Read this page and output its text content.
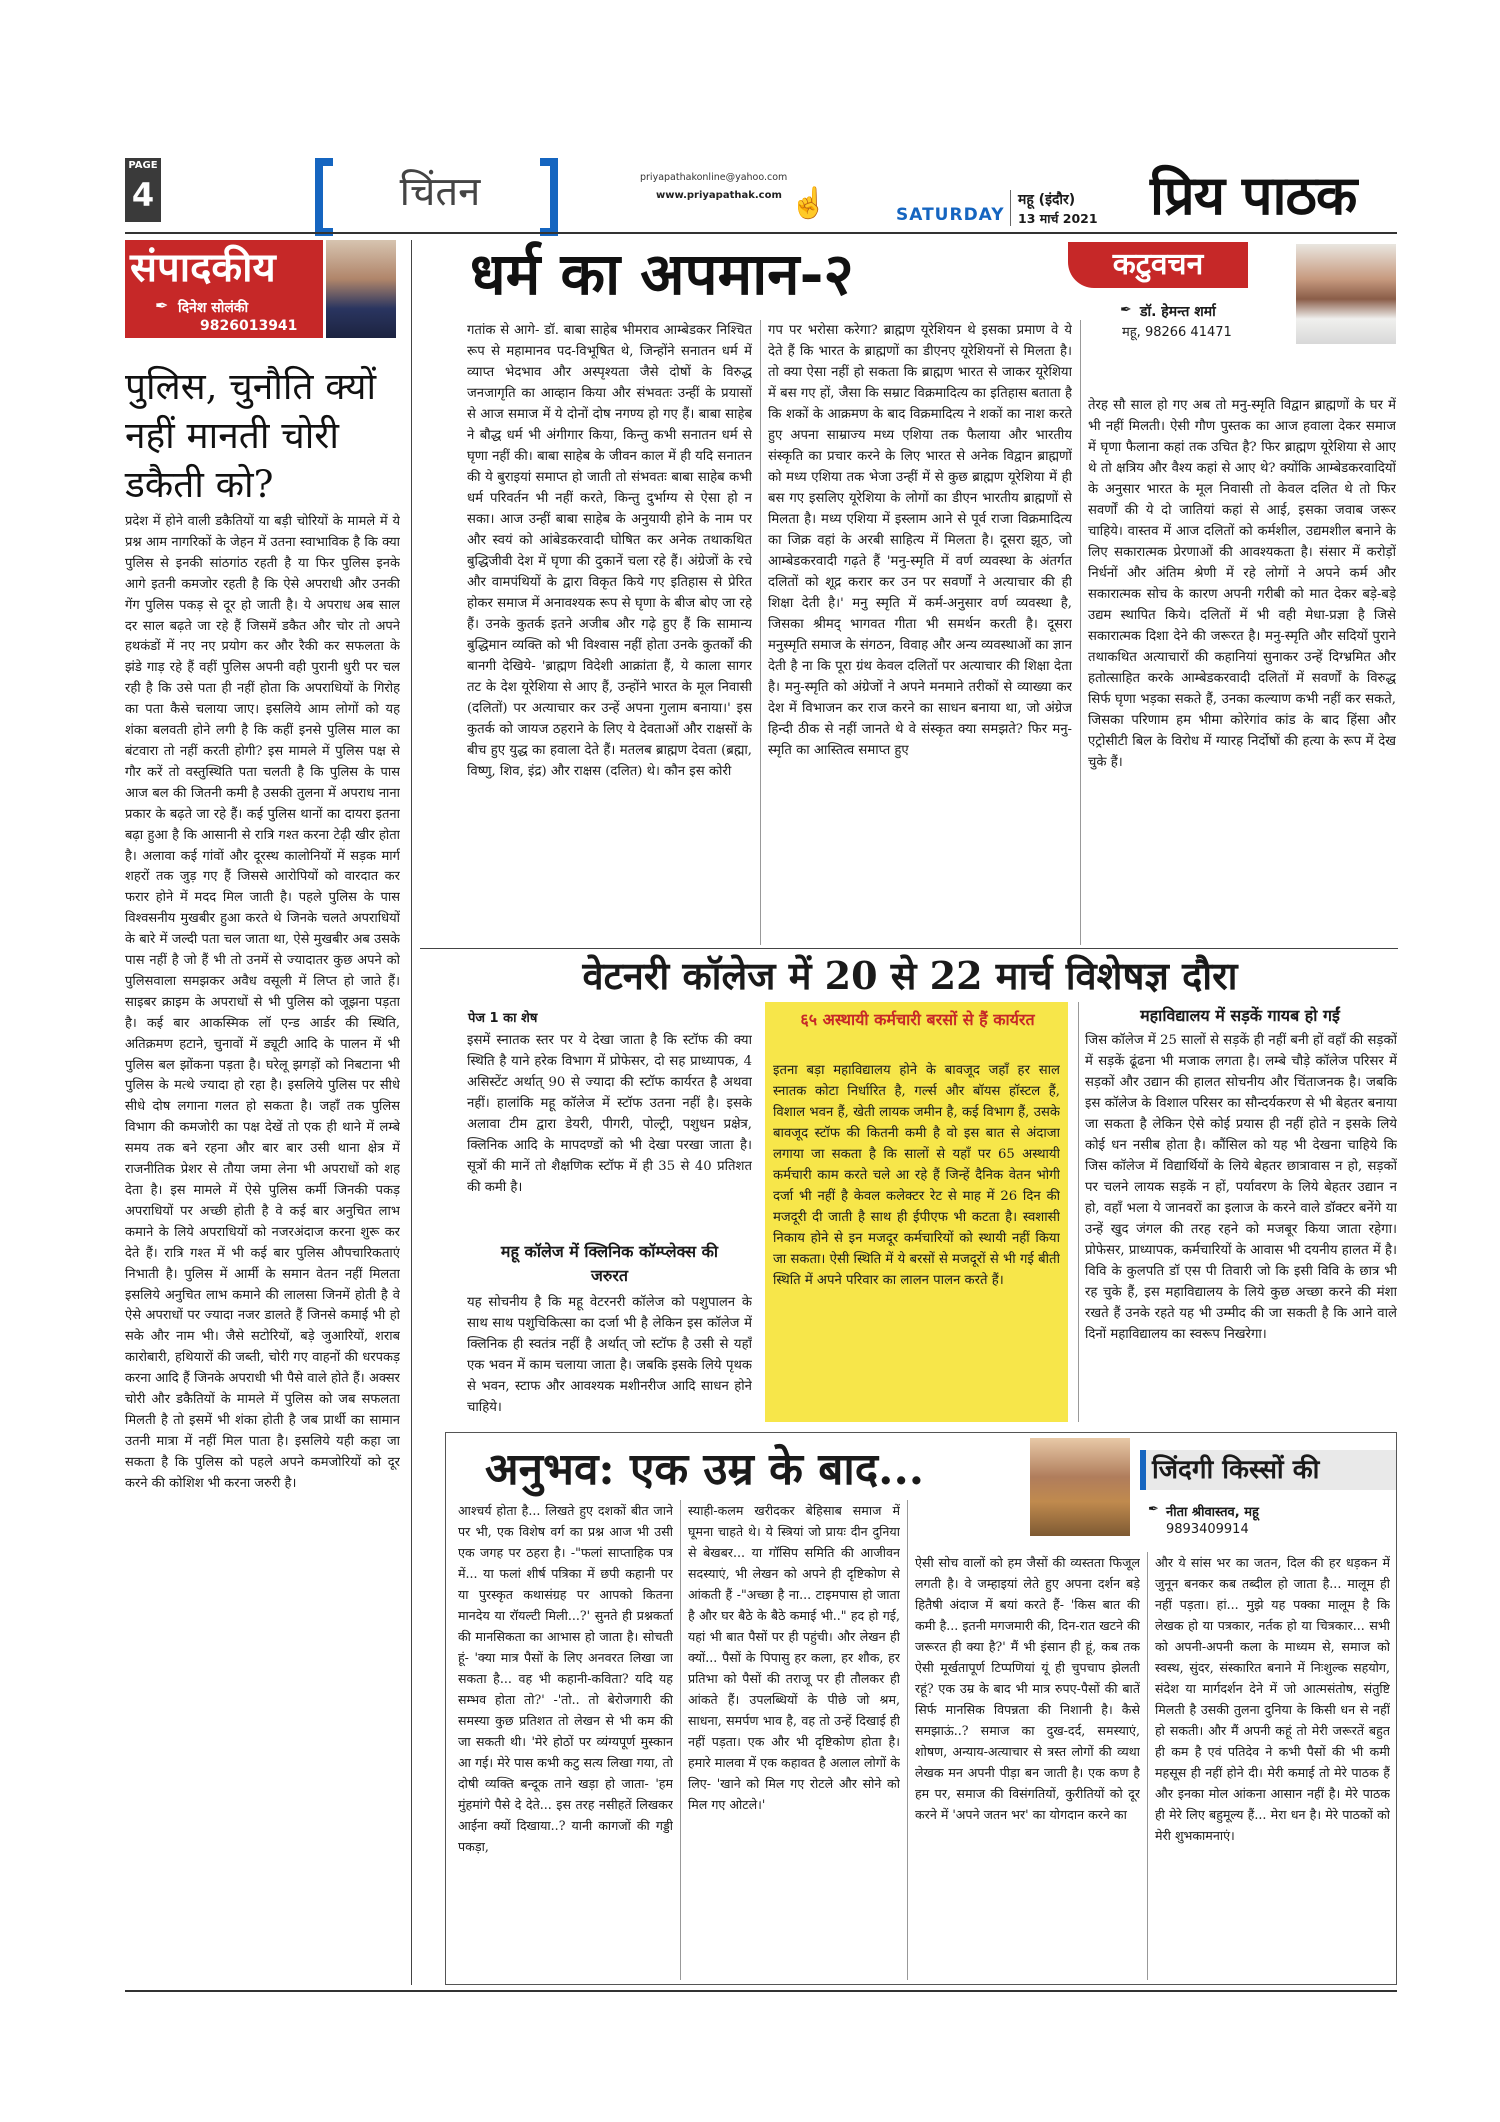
PAGE
4	चिंतन	priyapathakonline@yahoo.com
www.priyapathak.com ☝	SATURDAY
महू (इंदौर)
13 मार्च 2021 प्रिय पाठक
संपादकीय
दिनेश सोलंकी
✒
9826013941
पुलिस, चुनौति क्यों नहीं मानती चोरी डकैती को?
प्रदेश में होने वाली डकैतियों या बड़ी चोरियों के मामले में ये प्रश्न आम नागरिकों के जेहन में उतना स्वाभाविक है कि क्या पुलिस से इनकी सांठगांठ रहती है या फिर पुलिस इनके आगे इतनी कमजोर रहती है कि ऐसे अपराधी और उनकी गेंग पुलिस पकड़ से दूर हो जाती है। ये अपराध अब साल दर साल बढ़ते जा रहे हैं जिसमें डकैत और चोर तो अपने हथकंडों में नए नए प्रयोग कर और रैकी कर सफलता के झंडे गाड़ रहे हैं वहीं पुलिस अपनी वही पुरानी धुरी पर चल रही है कि उसे पता ही नहीं होता कि अपराधियों के गिरोह का पता कैसे चलाया जाए। इसलिये आम लोगों को यह शंका बलवती होने लगी है कि कहीं इनसे पुलिस माल का बंटवारा तो नहीं करती होगी? इस मामले में पुलिस पक्ष से गौर करें तो वस्तुस्थिति पता चलती है कि पुलिस के पास आज बल की जितनी कमी है उसकी तुलना में अपराध नाना प्रकार के बढ़ते जा रहे हैं। कई पुलिस थानों का दायरा इतना बढ़ा हुआ है कि आसानी से रात्रि गश्त करना टेढ़ी खीर होता है। अलावा कई गांवों और दूरस्थ कालोनियों में सड़क मार्ग शहरों तक जुड़ गए हैं जिससे आरोपियों को वारदात कर फरार होने में मदद मिल जाती है। पहले पुलिस के पास विश्वसनीय मुखबीर हुआ करते थे जिनके चलते अपराधियों के बारे में जल्दी पता चल जाता था, ऐसे मुखबीर अब उसके पास नहीं है जो हैं भी तो उनमें से ज्यादातर कुछ अपने को पुलिसवाला समझकर अवैध वसूली में लिप्त हो जाते हैं। साइबर क्राइम के अपराधों से भी पुलिस को जूझना पड़ता है। कई बार आकस्मिक लॉ एन्ड आर्डर की स्थिति, अतिक्रमण हटाने, चुनावों में ड्यूटी आदि के पालन में भी पुलिस बल झोंकना पड़ता है। घरेलू झगड़ों को निबटाना भी पुलिस के मत्थे ज्यादा हो रहा है। इसलिये पुलिस पर सीधे सीधे दोष लगाना गलत हो सकता है। जहाँ तक पुलिस विभाग की कमजोरी का पक्ष देखें तो एक ही थाने में लम्बे समय तक बने रहना और बार बार उसी थाना क्षेत्र में राजनीतिक प्रेशर से तौया जमा लेना भी अपराधों को शह देता है। इस मामले में ऐसे पुलिस कर्मी जिनकी पकड़ अपराधियों पर अच्छी होती है वे कई बार अनुचित लाभ कमाने के लिये अपराधियों को नजरअंदाज करना शुरू कर देते हैं। रात्रि गश्त में भी कई बार पुलिस औपचारिकताएं निभाती है। पुलिस में आर्मी के समान वेतन नहीं मिलता इसलिये अनुचित लाभ कमाने की लालसा जिनमें होती है वे ऐसे अपराधों पर ज्यादा नजर डालते हैं जिनसे कमाई भी हो सके और नाम भी। जैसे सटोरियों, बड़े जुआरियों, शराब कारोबारी, हथियारों की जब्ती, चोरी गए वाहनों की धरपकड़ करना आदि हैं जिनके अपराधी भी पैसे वाले होते हैं। अक्सर चोरी और डकैतियों के मामले में पुलिस को जब सफलता मिलती है तो इसमें भी शंका होती है जब प्रार्थी का सामान उतनी मात्रा में नहीं मिल पाता है। इसलिये यही कहा जा सकता है कि पुलिस को पहले अपने कमजोरियों को दूर करने की कोशिश भी करना जरुरी है।
धर्म का अपमान-२	कटुवचन
✒ डॉ. हेमन्त शर्मा
महू, 98266 41471
गतांक से आगे- डॉ. बाबा साहेब भीमराव आम्बेडकर निश्चित रूप से महामानव पद-विभूषित थे, जिन्होंने सनातन धर्म में व्याप्त भेदभाव और अस्पृश्यता जैसे दोषों के विरुद्ध जनजागृति का आव्हान किया और संभवतः उन्हीं के प्रयासों से आज समाज में ये दोनों दोष नगण्य हो गए हैं। बाबा साहेब ने बौद्ध धर्म भी अंगीगार किया, किन्तु कभी सनातन धर्म से घृणा नहीं की। बाबा साहेब के जीवन काल में ही यदि सनातन की ये बुराइयां समाप्त हो जाती तो संभवतः बाबा साहेब कभी धर्म परिवर्तन भी नहीं करते, किन्तु दुर्भाग्य से ऐसा हो न सका। आज उन्हीं बाबा साहेब के अनुयायी होने के नाम पर और स्वयं को आंबेडकरवादी घोषित कर अनेक तथाकथित बुद्धिजीवी देश में घृणा की दुकानें चला रहे हैं। अंग्रेजों के रचे और वामपंथियों के द्वारा विकृत किये गए इतिहास से प्रेरित होकर समाज में अनावश्यक रूप से घृणा के बीज बोए जा रहे हैं। उनके कुतर्क इतने अजीब और गढ़े हुए हैं कि सामान्य बुद्धिमान व्यक्ति को भी विश्वास नहीं होता उनके कुतर्कों की बानगी देखिये- 'ब्राह्मण विदेशी आक्रांता हैं, ये काला सागर तट के देश यूरेशिया से आए हैं, उन्होंने भारत के मूल निवासी (दलितों) पर अत्याचार कर उन्हें अपना गुलाम बनाया।' इस कुतर्क को जायज ठहराने के लिए ये देवताओं और राक्षसों के बीच हुए युद्ध का हवाला देते हैं। मतलब ब्राह्मण देवता (ब्रह्मा, विष्णु, शिव, इंद्र) और राक्षस (दलित) थे। कौन इस कोरी
गप पर भरोसा करेगा? ब्राह्मण यूरेशियन थे इसका प्रमाण वे ये देते हैं कि भारत के ब्राह्मणों का डीएनए यूरेशियनों से मिलता है। तो क्या ऐसा नहीं हो सकता कि ब्राह्मण भारत से जाकर यूरेशिया में बस गए हों, जैसा कि सम्राट विक्रमादित्य का इतिहास बताता है कि शकों के आक्रमण के बाद विक्रमादित्य ने शकों का नाश करते हुए अपना साम्राज्य मध्य एशिया तक फैलाया और भारतीय संस्कृति का प्रचार करने के लिए भारत से अनेक विद्वान ब्राह्मणों को मध्य एशिया तक भेजा उन्हीं में से कुछ ब्राह्मण यूरेशिया में ही बस गए इसलिए यूरेशिया के लोगों का डीएन भारतीय ब्राह्मणों से मिलता है। मध्य एशिया में इस्लाम आने से पूर्व राजा विक्रमादित्य का जिक्र वहां के अरबी साहित्य में मिलता है। दूसरा झूठ, जो आम्बेडकरवादी गढ़ते हैं 'मनु-स्मृति में वर्ण व्यवस्था के अंतर्गत दलितों को शूद्र करार कर उन पर सवर्णों ने अत्याचार की ही शिक्षा देती है।' मनु स्मृति में कर्म-अनुसार वर्ण व्यवस्था है, जिसका श्रीमद् भागवत गीता भी समर्थन करती है। दूसरा मनुस्मृति समाज के संगठन, विवाह और अन्य व्यवस्थाओं का ज्ञान देती है ना कि पूरा ग्रंथ केवल दलितों पर अत्याचार की शिक्षा देता है। मनु-स्मृति को अंग्रेजों ने अपने मनमाने तरीकों से व्याख्या कर देश में विभाजन कर राज करने का साधन बनाया था, जो अंग्रेज हिन्दी ठीक से नहीं जानते थे वे संस्कृत क्या समझते? फिर मनु-स्मृति का आस्तित्व समाप्त हुए
तेरह सौ साल हो गए अब तो मनु-स्मृति विद्वान ब्राह्मणों के घर में भी नहीं मिलती। ऐसी गौण पुस्तक का आज हवाला देकर समाज में घृणा फैलाना कहां तक उचित है? फिर ब्राह्मण यूरेशिया से आए थे तो क्षत्रिय और वैश्य कहां से आए थे? क्योंकि आम्बेडकरवादियों के अनुसार भारत के मूल निवासी तो केवल दलित थे तो फिर सवर्णों की ये दो जातियां कहां से आई, इसका जवाब जरूर चाहिये। वास्तव में आज दलितों को कर्मशील, उद्यमशील बनाने के लिए सकारात्मक प्रेरणाओं की आवश्यकता है। संसार में करोड़ों निर्धनों और अंतिम श्रेणी में रहे लोगों ने अपने कर्म और सकारात्मक सोच के कारण अपनी गरीबी को मात देकर बड़े-बड़े उद्यम स्थापित किये। दलितों में भी वही मेधा-प्रज्ञा है जिसे सकारात्मक दिशा देने की जरूरत है। मनु-स्मृति और सदियों पुराने तथाकथित अत्याचारों की कहानियां सुनाकर उन्हें दिग्भ्रमित और हतोत्साहित करके आम्बेडकरवादी दलितों में सवर्णों के विरुद्ध सिर्फ घृणा भड़का सकते हैं, उनका कल्याण कभी नहीं कर सकते, जिसका परिणाम हम भीमा कोरेगांव कांड के बाद हिंसा और एट्रोसीटी बिल के विरोध में ग्यारह निर्दोषों की हत्या के रूप में देख चुके हैं।
वेटनरी कॉलेज में 20 से 22 मार्च विशेषज्ञ दौरा
पेज 1 का शेष
इसमें स्नातक स्तर पर ये देखा जाता है कि स्टॉफ की क्या स्थिति है याने हरेक विभाग में प्रोफेसर, दो सह प्राध्यापक, 4 असिस्टेंट अर्थात् 90 से ज्यादा की स्टॉफ कार्यरत है अथवा नहीं। हालांकि महू कॉलेज में स्टॉफ उतना नहीं है। इसके अलावा टीम द्वारा डेयरी, पीगरी, पोल्ट्री, पशुधन प्रक्षेत्र, क्लिनिक आदि के मापदण्डों को भी देखा परखा जाता है। सूत्रों की मानें तो शैक्षणिक स्टॉफ में ही 35 से 40 प्रतिशत की कमी है।
महू कॉलेज में क्लिनिक कॉम्प्लेक्स की जरुरत
यह सोचनीय है कि महू वेटरनरी कॉलेज को पशुपालन के साथ साथ पशुचिकित्सा का दर्जा भी है लेकिन इस कॉलेज में क्लिनिक ही स्वतंत्र नहीं है अर्थात् जो स्टॉफ है उसी से यहाँ एक भवन में काम चलाया जाता है। जबकि इसके लिये पृथक से भवन, स्टाफ और आवश्यक मशीनरीज आदि साधन होने चाहिये।
६५ अस्थायी कर्मचारी बरसों से हैं कार्यरत
इतना बड़ा महाविद्यालय होने के बावजूद जहाँ हर साल स्नातक कोटा निर्धारित है, गर्ल्स और बॉयस हॉस्टल हैं, विशाल भवन हैं, खेती लायक जमीन है, कई विभाग हैं, उसके बावजूद स्टॉफ की कितनी कमी है वो इस बात से अंदाजा लगाया जा सकता है कि सालों से यहाँ पर 65 अस्थायी कर्मचारी काम करते चले आ रहे हैं जिन्हें दैनिक वेतन भोगी दर्जा भी नहीं है केवल कलेक्टर रेट से माह में 26 दिन की मजदूरी दी जाती है साथ ही ईपीएफ भी कटता है। स्वशासी निकाय होने से इन मजदूर कर्मचारियों को स्थायी नहीं किया जा सकता। ऐसी स्थिति में ये बरसों से मजदूरों से भी गई बीती स्थिति में अपने परिवार का लालन पालन करते हैं।
महाविद्यालय में सड़कें गायब हो गईं
जिस कॉलेज में 25 सालों से सड़कें ही नहीं बनी हों वहाँ की सड़कों में सड़कें ढूंढना भी मजाक लगता है। लम्बे चौड़े कॉलेज परिसर में सड़कों और उद्यान की हालत सोचनीय और चिंताजनक है। जबकि इस कॉलेज के विशाल परिसर का सौन्दर्यकरण से भी बेहतर बनाया जा सकता है लेकिन ऐसे कोई प्रयास ही नहीं होते न इसके लिये कोई धन नसीब होता है। कौंसिल को यह भी देखना चाहिये कि जिस कॉलेज में विद्यार्थियों के लिये बेहतर छात्रावास न हो, सड़कों पर चलने लायक सड़कें न हों, पर्यावरण के लिये बेहतर उद्यान न हो, वहाँ भला ये जानवरों का इलाज के करने वाले डॉक्टर बनेंगे या उन्हें खुद जंगल की तरह रहने को मजबूर किया जाता रहेगा। प्रोफेसर, प्राध्यापक, कर्मचारियों के आवास भी दयनीय हालत में है। विवि के कुलपति डॉ एस पी तिवारी जो कि इसी विवि के छात्र भी रह चुके हैं, इस महाविद्यालय के लिये कुछ अच्छा करने की मंशा रखते हैं उनके रहते यह भी उम्मीद की जा सकती है कि आने वाले दिनों महाविद्यालय का स्वरूप निखरेगा।
अनुभव: एक उम्र के बाद...	जिंदगी किस्सों की
✒ नीता श्रीवास्तव, महू
9893409914
आश्चर्य होता है... लिखते हुए दशकों बीत जाने पर भी, एक विशेष वर्ग का प्रश्न आज भी उसी एक जगह पर ठहरा है। -"फलां साप्ताहिक पत्र में... या फलां शीर्ष पत्रिका में छपी कहानी पर या पुरस्कृत कथासंग्रह पर आपको कितना मानदेय या रॉयल्टी मिली...?' सुनते ही प्रश्नकर्ता की मानसिकता का आभास हो जाता है। सोचती हूं- 'क्या मात्र पैसों के लिए अनवरत लिखा जा सकता है... वह भी कहानी-कविता? यदि यह सम्भव होता तो?' -'तो.. तो बेरोजगारी की समस्या कुछ प्रतिशत तो लेखन से भी कम की जा सकती थी। 'मेरे होठों पर व्यंग्यपूर्ण मुस्कान आ गई। मेरे पास कभी कटु सत्य लिखा गया, तो दोषी व्यक्ति बन्दूक ताने खड़ा हो जाता- 'हम मुंहमांगे पैसे दे देते... इस तरह नसीहतें लिखकर आईना क्यों दिखाया..? यानी कागजों की गड्डी पकड़ा,
स्याही-कलम खरीदकर बेहिसाब समाज में घूमना चाहते थे। ये स्त्रियां जो प्रायः दीन दुनिया से बेखबर... या गॉसिप समिति की आजीवन सदस्याएं, भी लेखन को अपने ही दृष्टिकोण से आंकती हैं -"अच्छा है ना... टाइमपास हो जाता है और घर बैठे के बैठे कमाई भी.." हद हो गई, यहां भी बात पैसों पर ही पहुंची। और लेखन ही क्यों... पैसों के पिपासु हर कला, हर शौक, हर प्रतिभा को पैसों की तराजू पर ही तौलकर ही आंकते हैं। उपलब्धियों के पीछे जो श्रम, साधना, समर्पण भाव है, वह तो उन्हें दिखाई ही नहीं पड़ता। एक और भी दृष्टिकोण होता है। हमारे मालवा में एक कहावत है अलाल लोगों के लिए- 'खाने को मिल गए रोटले और सोने को मिल गए ओटले।'
ऐसी सोच वालों को हम जैसों की व्यस्तता फिजूल लगती है। वे जम्हाइयां लेते हुए अपना दर्शन बड़े हितैषी अंदाज में बयां करते हैं- 'किस बात की कमी है... इतनी मगजमारी की, दिन-रात खटने की जरूरत ही क्या है?' मैं भी इंसान ही हूं, कब तक ऐसी मूर्खतापूर्ण टिप्पणियां यूं ही चुपचाप झेलती रहूं? एक उम्र के बाद भी मात्र रुपए-पैसों की बातें सिर्फ मानसिक विपन्नता की निशानी है। कैसे समझाऊं..? समाज का दुख-दर्द, समस्याएं, शोषण, अन्याय-अत्याचार से त्रस्त लोगों की व्यथा लेखक मन अपनी पीड़ा बन जाती है। एक कण है हम पर, समाज की विसंगतियों, कुरीतियों को दूर करने में 'अपने जतन भर' का योगदान करने का
और ये सांस भर का जतन, दिल की हर धड़कन में जुनून बनकर कब तब्दील हो जाता है... मालूम ही नहीं पड़ता। हां... मुझे यह पक्का मालूम है कि लेखक हो या पत्रकार, नर्तक हो या चित्रकार... सभी को अपनी-अपनी कला के माध्यम से, समाज को स्वस्थ, सुंदर, संस्कारित बनाने में निःशुल्क सहयोग, संदेश या मार्गदर्शन देने में जो आत्मसंतोष, संतुष्टि मिलती है उसकी तुलना दुनिया के किसी धन से नहीं हो सकती। और मैं अपनी कहूं तो मेरी जरूरतें बहुत ही कम है एवं पतिदेव ने कभी पैसों की भी कमी महसूस ही नहीं होने दी। मेरी कमाई तो मेरे पाठक हैं और इनका मोल आंकना आसान नहीं है। मेरे पाठक ही मेरे लिए बहुमूल्य हैं... मेरा धन है। मेरे पाठकों को मेरी शुभकामनाएं।
